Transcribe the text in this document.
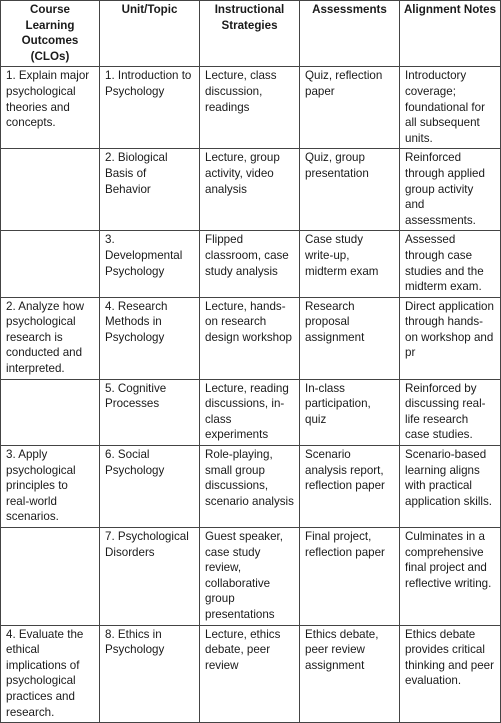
Course Learning Outcomes (CLOs)	Unit/Topic	Instructional Strategies	Assessments	Alignment Notes
1. Explain major psychological theories and concepts.	1. Introduction to Psychology	Lecture, class discussion, readings	Quiz, reflection paper	Introductory coverage; foundational for all subsequent units.
	2. Biological Basis of Behavior	Lecture, group activity, video analysis	Quiz, group presentation	Reinforced through applied group activity and assessments.

	3. Developmental Psychology	Flipped classroom, case study analysis	Case study write-up, midterm exam	Assessed through case studies and the midterm exam.
2. Analyze how psychological research is conducted and interpreted.	4. Research Methods in Psychology	Lecture, hands-on research design workshop	Research proposal assignment	Direct application through hands-on workshop and pr
	5. Cognitive Processes	Lecture, reading discussions, in-class experiments	In-class participation, quiz	Reinforced by discussing real-life research case studies.
3. Apply psychological principles to real-world scenarios.	6. Social Psychology	Role-playing, small group discussions, scenario analysis	Scenario analysis report, reflection paper	Scenario-based learning aligns with practical application skills.
	7. Psychological Disorders	Guest speaker, case study review, collaborative group presentations	Final project, reflection paper	Culminates in a comprehensive final project and reflective writing.
4. Evaluate the ethical implications of psychological practices and research.	8. Ethics in Psychology	Lecture, ethics debate, peer review	Ethics debate, peer review assignment	Ethics debate provides critical thinking and peer evaluation.
